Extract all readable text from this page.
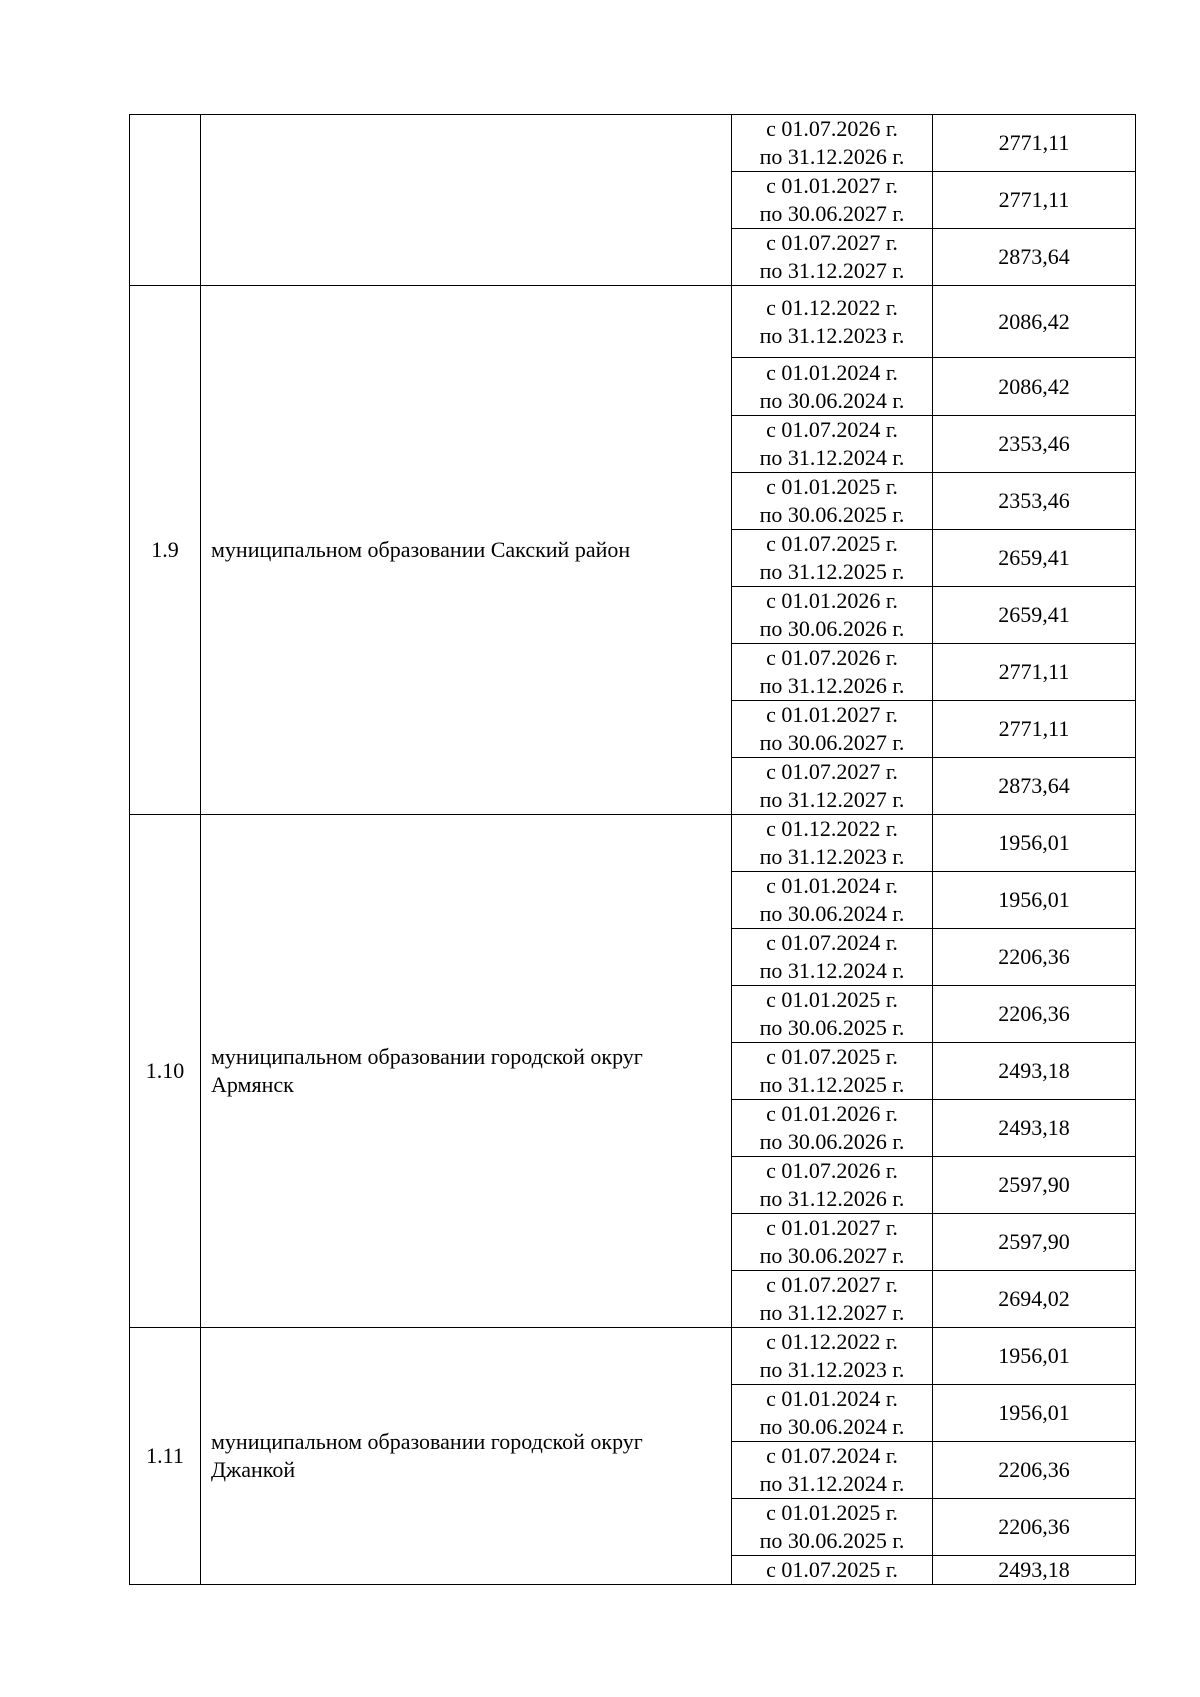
		с 01.07.2026 г.
по 31.12.2026 г.	2771,11

		с 01.01.2027 г.
по 30.06.2027 г.	2771,11

		с 01.07.2027 г.
по 31.12.2027 г.	2873,64
1.9	муниципальном образовании Сакский район	с 01.12.2022 г.
по 31.12.2023 г.	2086,42

		с 01.01.2024 г.
по 30.06.2024 г.	2086,42

		с 01.07.2024 г.
по 31.12.2024 г.	2353,46

		с 01.01.2025 г.
по 30.06.2025 г.	2353,46

		с 01.07.2025 г.
по 31.12.2025 г.	2659,41

		с 01.01.2026 г.
по 30.06.2026 г.	2659,41

		с 01.07.2026 г.
по 31.12.2026 г.	2771,11

		с 01.01.2027 г.
по 30.06.2027 г.	2771,11

		с 01.07.2027 г.
по 31.12.2027 г.	2873,64
1.10	муниципальном образовании городской округ Армянск	с 01.12.2022 г.
по 31.12.2023 г.	1956,01

		с 01.01.2024 г.
по 30.06.2024 г.	1956,01

		с 01.07.2024 г.
по 31.12.2024 г.	2206,36

		с 01.01.2025 г.
по 30.06.2025 г.	2206,36

		с 01.07.2025 г.
по 31.12.2025 г.	2493,18

		с 01.01.2026 г.
по 30.06.2026 г.	2493,18

		с 01.07.2026 г.
по 31.12.2026 г.	2597,90

		с 01.01.2027 г.
по 30.06.2027 г.	2597,90

		с 01.07.2027 г.
по 31.12.2027 г.	2694,02
1.11	муниципальном образовании городской округ Джанкой	с 01.12.2022 г.
по 31.12.2023 г.	1956,01

		с 01.01.2024 г.
по 30.06.2024 г.	1956,01

		с 01.07.2024 г.
по 31.12.2024 г.	2206,36

		с 01.01.2025 г.
по 30.06.2025 г.	2206,36

		с 01.07.2025 г.	2493,18
